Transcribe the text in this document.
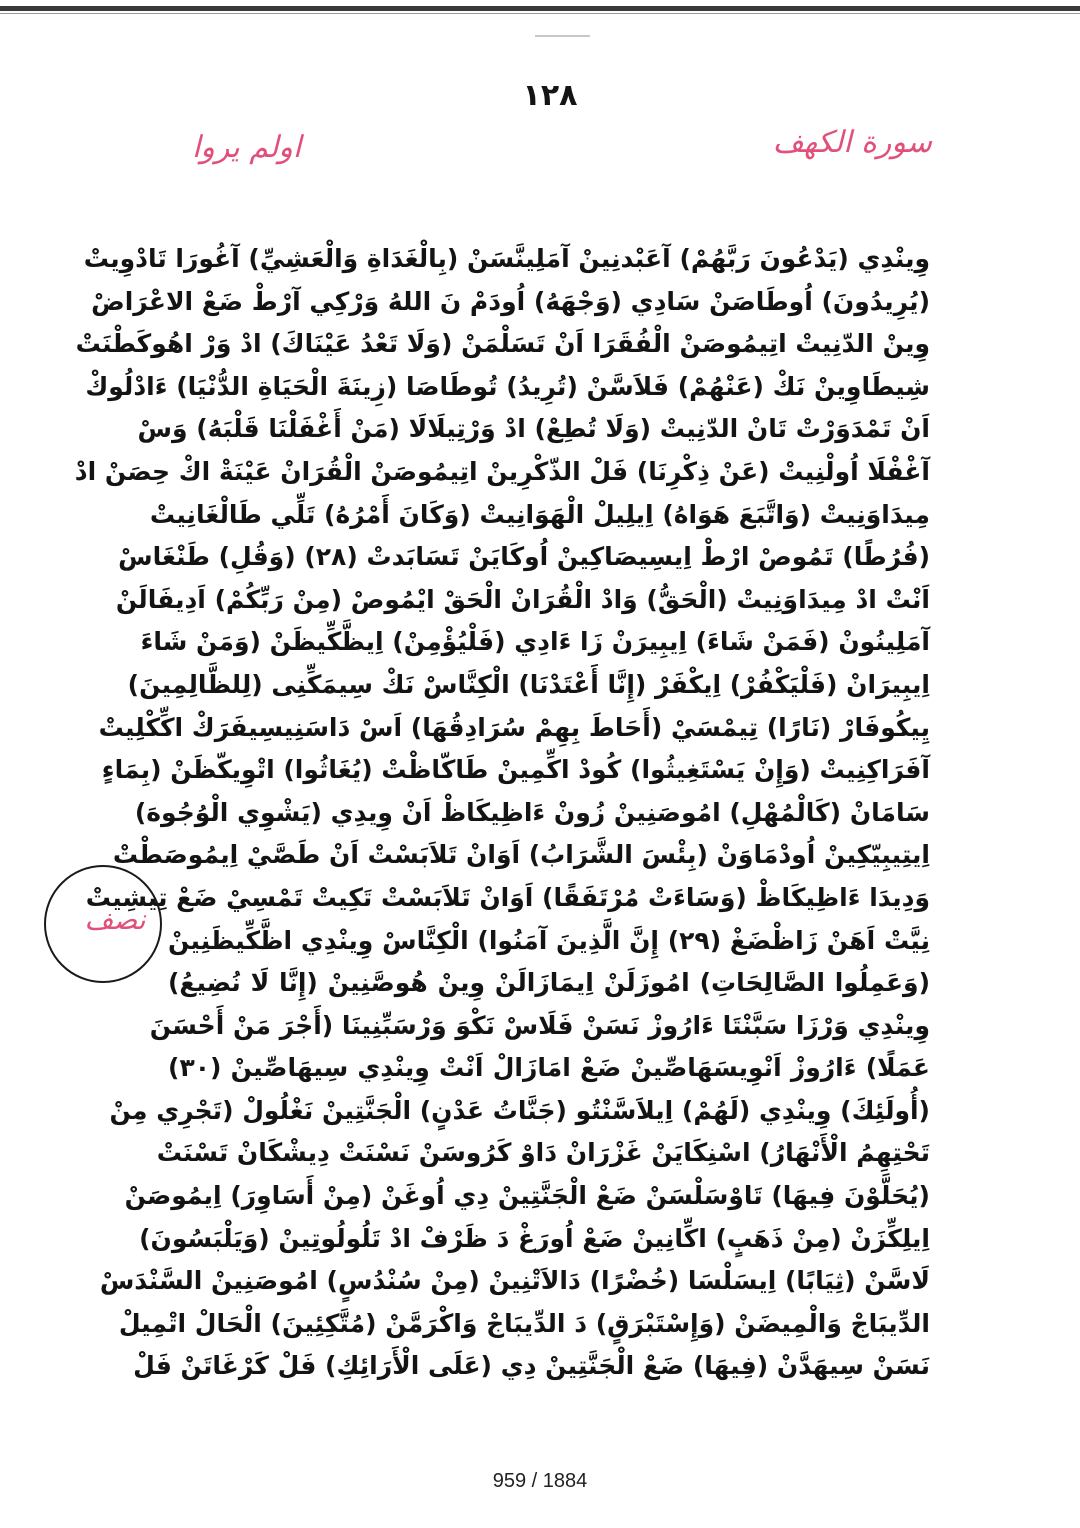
١٢٨
سورة الكهف
اولم يروا
وِينْدِي (يَدْعُونَ رَبَّهُمْ) آعَبْدنِينْ آمَلِينَّسَنْ (بِالْغَدَاةِ وَالْعَشِيِّ) آغُورَا تَادْوِيتْ
(يُرِيدُونَ) اُوطَاصَنْ سَادِي (وَجْهَهُ) اُودَمْ نَ اللهُ وَرْكِي آرْطْ ضَعْ الاعْرَاضْ
وِينْ الدّنِيتْ اتِيمُوصَنْ الْفُقَرَا اَنْ تَسَلْمَنْ (وَلَا تَعْدُ عَيْنَاكَ) ادْ وَرْ اهُوكَطْنَتْ
شِيطَاوِينْ نَكْ (عَنْهُمْ) فَلاَسَّنْ (تُرِيدُ) تُوطَاصَا (زِينَةَ الْحَيَاةِ الدُّنْيَا) ءَادْلُوكْ
اَنْ تَمْدَوَرْتْ تَانْ الدّنِيتْ (وَلَا تُطِعْ) ادْ وَرْتِيلَالَا (مَنْ أَغْفَلْنَا قَلْبَهُ) وَسْ
آغْفْلَا اُولْنِيتْ (عَنْ ذِكْرِنَا) فَلْ الذّكْرِينْ اتِيمُوصَنْ الْقُرَانْ عَيْنَةْ اكْ حِصَنْ ادْ
مِيدَاوَنِيتْ (وَاتَّبَعَ هَوَاهُ) اِيلِيلْ الْهَوَانِيتْ (وَكَانَ أَمْرُهُ) تَلِّي طَالْغَانِيتْ
(فُرُطًا) تَمُوصْ ارْطْ اِيسِيصَاكِينْ اُوكَايَنْ تَسَابَدتْ (٢٨) (وَقُلِ) طَنْغَاسْ
اَنْتْ ادْ مِيدَاوَنِيتْ (الْحَقُّ) وَادْ الْقُرَانْ الْحَقْ ايْمُوصْ (مِنْ رَبِّكُمْ) اَدِيفَالَنْ
آمَلِينُونْ (فَمَنْ شَاءَ) اِيبِيرَنْ زَا ءَادِي (فَلْيُؤْمِنْ) اِيظَّكِّيظَنْ (وَمَنْ شَاءَ
اِيبِيرَانْ (فَلْيَكْفُرْ) اِيكْفَرْ (إِنَّا أَعْتَدْنَا) الْكِنَّاسْ نَكْ سِيمَكِّنِى (لِلظَّالِمِينَ)
يِيكُوفَارْ (نَارًا) تِيمْسَيْ (أَحَاطَ بِهِمْ سُرَادِقُهَا) اَسْ دَاسَنِيسِيفَرَكْ اكِّكْلِيتْ
آفَرَاكِنِيتْ (وَإِنْ يَسْتَغِيثُوا) كُودْ اكِّمِينْ طَاكّاظْتْ (يُغَاثُوا) اتْوِيكّظَنْ (بِمَاءٍ
سَامَانْ (كَالْمُهْلِ) امُوصَنِينْ زُونْ ءَاظِيكَاظْ اَنْ وِيدِي (يَشْوِي الْوُجُوهَ)
اِيتِيبِيّكِينْ اُودْمَاوَنْ (بِئْسَ الشَّرَابُ) اَوَانْ تَلاَبَسْتْ اَنْ طَصَّيْ اِيمُوصَطْتْ
وَدِيدَا ءَاظِيكَاظْ (وَسَاءَتْ مُرْتَفَقًا) اَوَانْ تَلاَبَسْتْ تَكِيتْ تَمْسِيْ ضَعْ تِيشِيتْ
نِيَّتْ اَهَنْ زَاظْضَغْ (٢٩) إِنَّ الَّذِينَ آمَنُوا) الْكِنَّاسْ وِينْدِي اظَّكِّيظَنِينْ
(وَعَمِلُوا الصَّالِحَاتِ) امُوزَلَنْ اِيمَازَالَنْ وِينْ هُوصَّنِينْ (إِنَّا لَا نُضِيعُ)
وِينْدِي وَرْزَا سَبَّنْتَا ءَارُوزْ نَسَنْ فَلَاسْ نَكْوَ وَرْسَبِّنِينَا (أَجْرَ مَنْ أَحْسَنَ
عَمَلًا) ءَارُوزْ اَنْوِيسَهَاصِّينْ ضَعْ امَازَالْ اَنْتْ وِينْدِي سِيهَاصِّينْ (٣٠)
(أُولَئِكَ) وِينْدِي (لَهُمْ) اِيلاَسَّنْتُو (جَنَّاتُ عَدْنٍ) الْجَنَّتِينْ نَغْلُولْ (تَجْرِي مِنْ
تَحْتِهِمُ الْأَنْهَارُ) اسْنِكَايَنْ غَزْرَانْ دَاوْ كَرُوسَنْ نَسْنَتْ دِيشْكَانْ تَسْنَتْ
(يُحَلَّوْنَ فِيهَا) تَاوْسَلْسَنْ ضَعْ الْجَنَّتِينْ دِي اُوغَنْ (مِنْ أَسَاوِرَ) اِيمُوصَنْ
اِيلِكِّزَنْ (مِنْ ذَهَبٍ) اكِّانِينْ ضَعْ اُورَغْ دَ ظَرْفْ ادْ تَلُولُوتِينْ (وَيَلْبَسُونَ)
لَاسَّنْ (ثِيَابًا) اِيسَلْسَا (خُضْرًا) دَالاَتْنِينْ (مِنْ سُنْدُسٍ) امُوصَنِينْ السَّنْدَسْ
الدِّيبَاجْ وَالْمِيضَنْ (وَإِسْتَبْرَقٍ) دَ الدِّيبَاجْ وَاكْرَمَّنْ (مُتَّكِئِينَ) الْحَالْ اتْمِيلْ
نَسَنْ سِيهَدَّنْ (فِيهَا) ضَعْ الْجَنَّتِينْ دِي (عَلَى الْأَرَائِكِ) فَلْ كَرْغَاتَنْ فَلْ
نصف
959 / 1884
